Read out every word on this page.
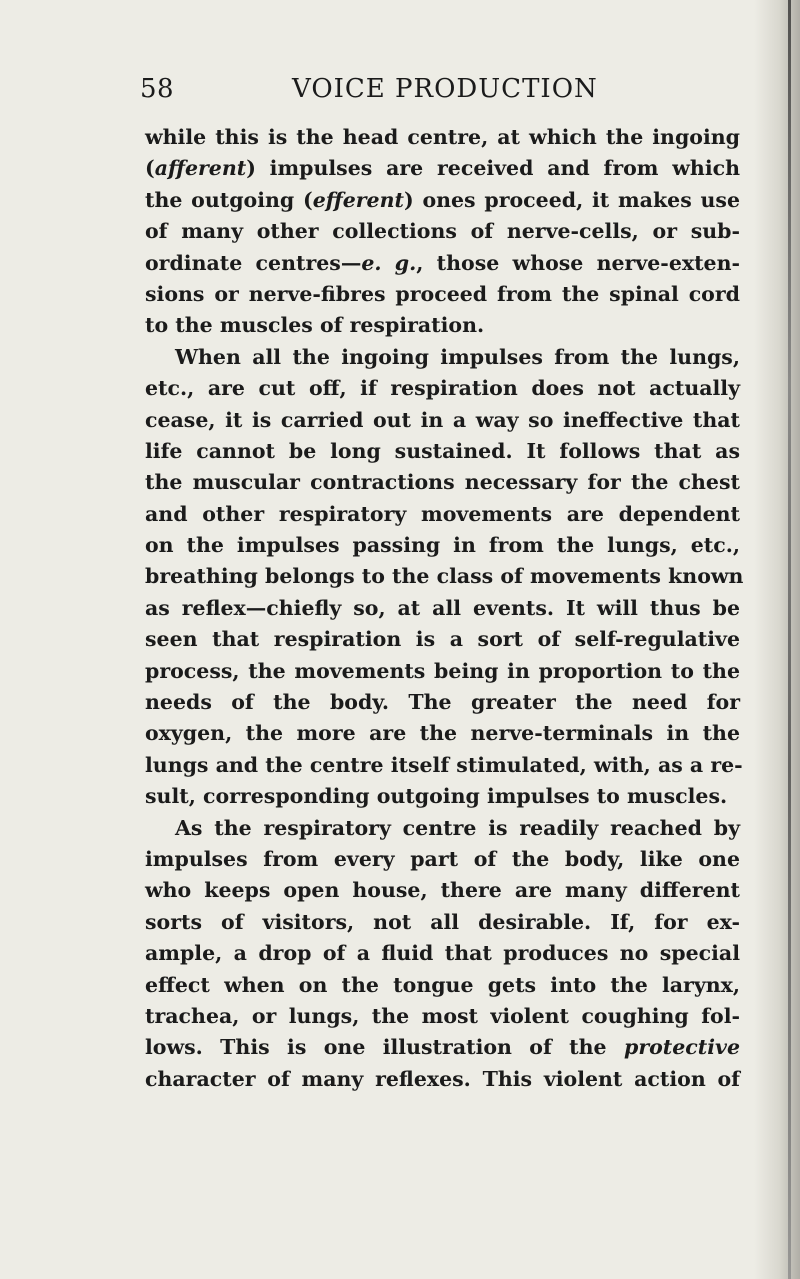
58	VOICE PRODUCTION
while this is the head centre, at which the ingoing
(afferent) impulses are received and from which
the outgoing (efferent) ones proceed, it makes use
of many other collections of nerve-cells, or sub-
ordinate centres—e. g., those whose nerve-exten-
sions or nerve-fibres proceed from the spinal cord
to the muscles of respiration.
When all the ingoing impulses from the lungs,
etc., are cut off, if respiration does not actually
cease, it is carried out in a way so ineffective that
life cannot be long sustained. It follows that as
the muscular contractions necessary for the chest
and other respiratory movements are dependent
on the impulses passing in from the lungs, etc.,
breathing belongs to the class of movements known
as reflex—chiefly so, at all events. It will thus be
seen that respiration is a sort of self-regulative
process, the movements being in proportion to the
needs of the body. The greater the need for
oxygen, the more are the nerve-terminals in the
lungs and the centre itself stimulated, with, as a re-
sult, corresponding outgoing impulses to muscles.
As the respiratory centre is readily reached by
impulses from every part of the body, like one
who keeps open house, there are many different
sorts of visitors, not all desirable. If, for ex-
ample, a drop of a fluid that produces no special
effect when on the tongue gets into the larynx,
trachea, or lungs, the most violent coughing fol-
lows. This is one illustration of the protective
character of many reflexes. This violent action of
